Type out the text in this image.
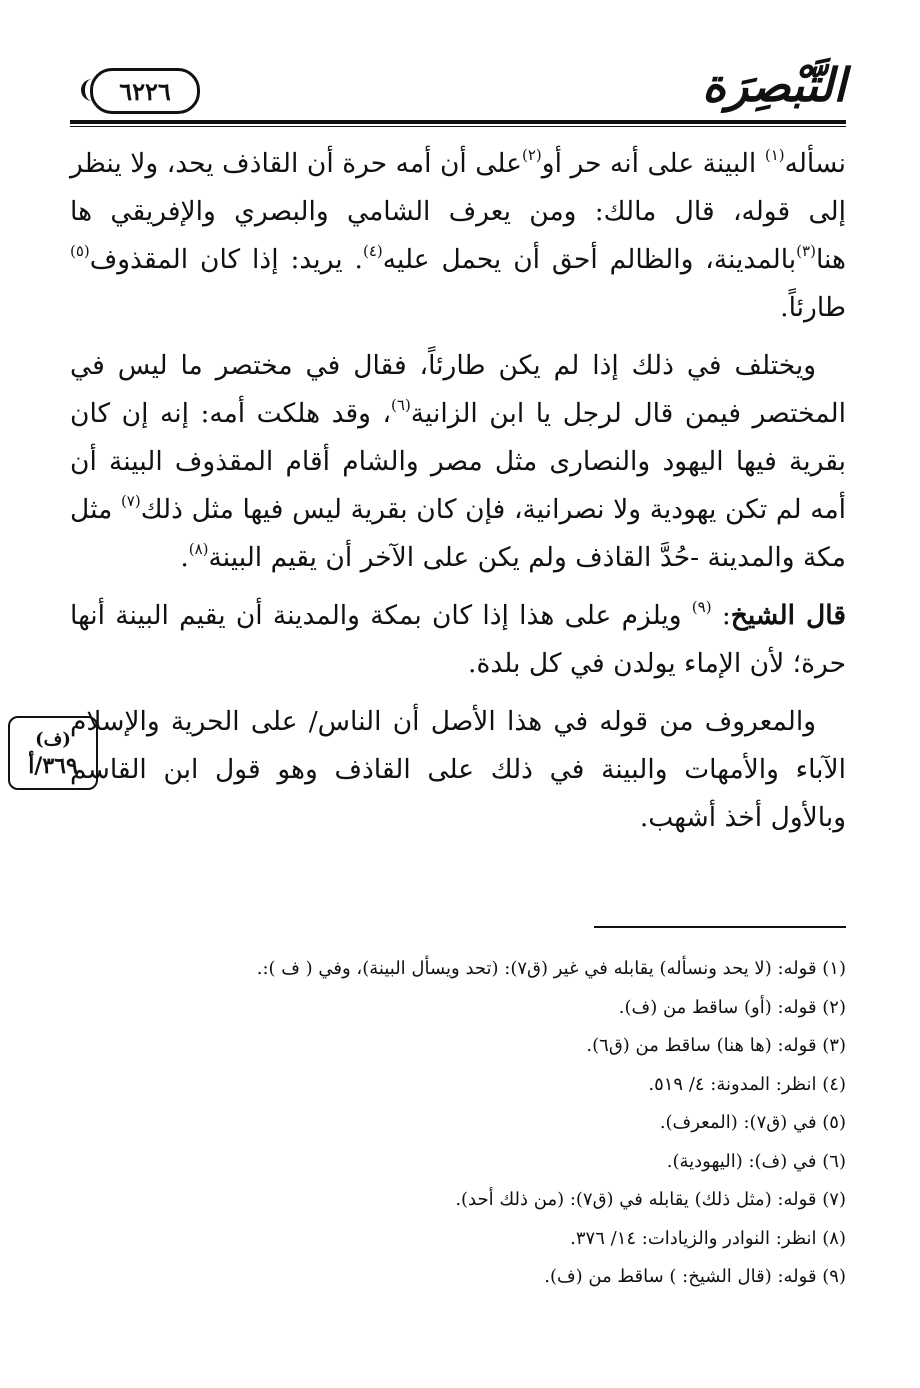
التَّبْصِرَة
٦٢٢٦

نسأله$^{(١)}$ البينة على أنه حر أو$^{(٢)}$على أن أمه حرة أن القاذف يحد، ولا ينظر إلى قوله، قال مالك: ومن يعرف الشامي والبصري والإفريقي ها هنا$^{(٣)}$بالمدينة، والظالم أحق أن يحمل عليه$^{(٤)}$. يريد: إذا كان المقذوف$^{(٥)}$ طارئاً.

ويختلف في ذلك إذا لم يكن طارئاً، فقال في مختصر ما ليس في المختصر فيمن قال لرجل يا ابن الزانية$^{(٦)}$، وقد هلكت أمه: إنه إن كان بقرية فيها اليهود والنصارى مثل مصر والشام أقام المقذوف البينة أن أمه لم تكن يهودية ولا نصرانية، فإن كان بقرية ليس فيها مثل ذلك$^{(٧)}$ مثل مكة والمدينة -حُدَّ القاذف ولم يكن على الآخر أن يقيم البينة$^{(٨)}$.

قال الشيخ: $^{(٩)}$ ويلزم على هذا إذا كان بمكة والمدينة أن يقيم البينة أنها حرة؛ لأن الإماء يولدن في كل بلدة.

والمعروف من قوله في هذا الأصل أن الناس/ على الحرية والإسلام الآباء والأمهات والبينة في ذلك على القاذف وهو قول ابن القاسم وبالأول أخذ أشهب.

(ف)
٣٦٩/أ

(١) قوله: (لا يحد ونسأله) يقابله في غير (ق٧): (تحد ويسأل البينة)، وفي ( ف ):.

(٢) قوله: (أو) ساقط من (ف).

(٣) قوله: (ها هنا) ساقط من (ق٦).

(٤) انظر: المدونة: ٤/ ٥١٩.

(٥) في (ق٧): (المعرف).

(٦) في (ف): (اليهودية).

(٧) قوله: (مثل ذلك) يقابله في (ق٧): (من ذلك أحد).

(٨) انظر: النوادر والزيادات: ١٤/ ٣٧٦.

(٩) قوله: (قال الشيخ: ) ساقط من (ف).
